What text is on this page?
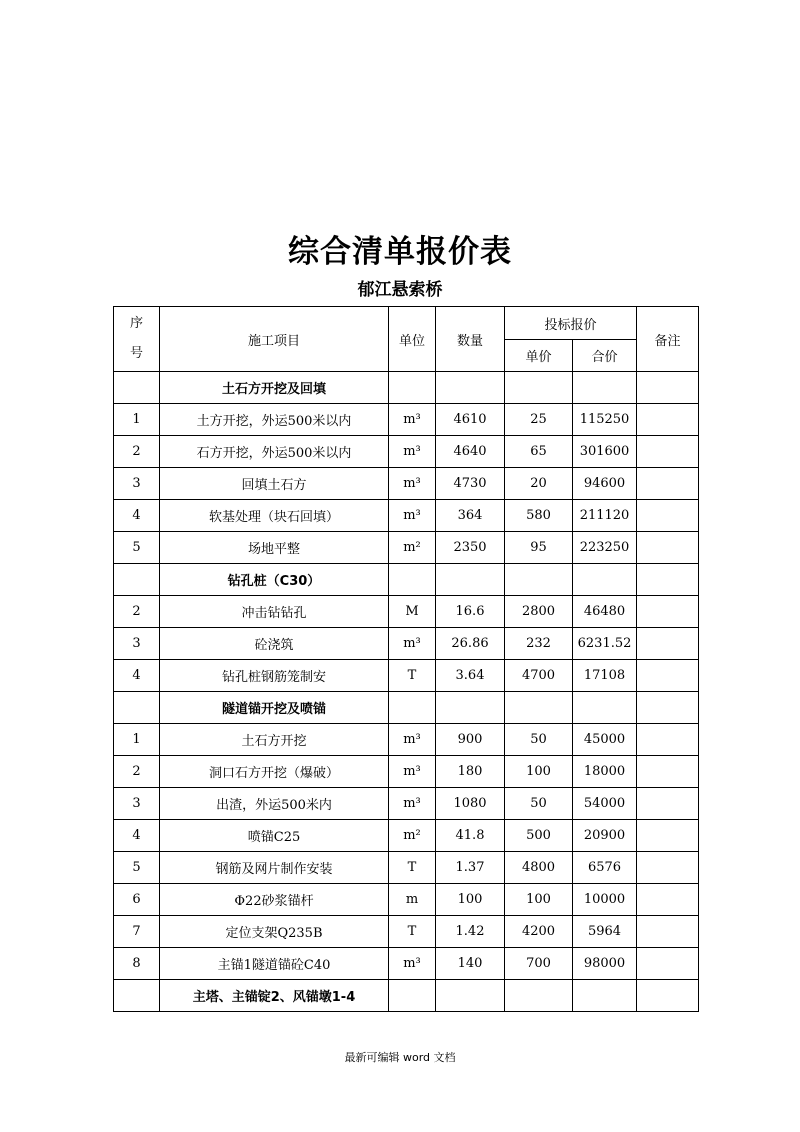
综合清单报价表
郁江悬索桥
序
号	施工项目	单位	数量	投标报价		备注
				单价	合价	
	土石方开挖及回填					
1	土方开挖，外运500米以内	m³	4610	25	115250	
2	石方开挖，外运500米以内	m³	4640	65	301600	
3	回填土石方	m³	4730	20	94600	
4	软基处理（块石回填）	m³	364	580	211120	
5	场地平整	m²	2350	95	223250	
	钻孔桩（C30）					
2	冲击钻钻孔	M	16.6	2800	46480	
3	砼浇筑	m³	26.86	232	6231.52	
4	钻孔桩钢筋笼制安	T	3.64	4700	17108	
	隧道锚开挖及喷锚					
1	土石方开挖	m³	900	50	45000	
2	洞口石方开挖（爆破）	m³	180	100	18000	
3	出渣，外运500米内	m³	1080	50	54000	
4	喷锚C25	m²	41.8	500	20900	
5	钢筋及网片制作安装	T	1.37	4800	6576	
6	Φ22砂浆锚杆	m	100	100	10000	
7	定位支架Q235B	T	1.42	4200	5964	
8	主锚1隧道锚砼C40	m³	140	700	98000	
	主塔、主锚锭2、风锚墩1-4					
最新可编辑 word 文档
